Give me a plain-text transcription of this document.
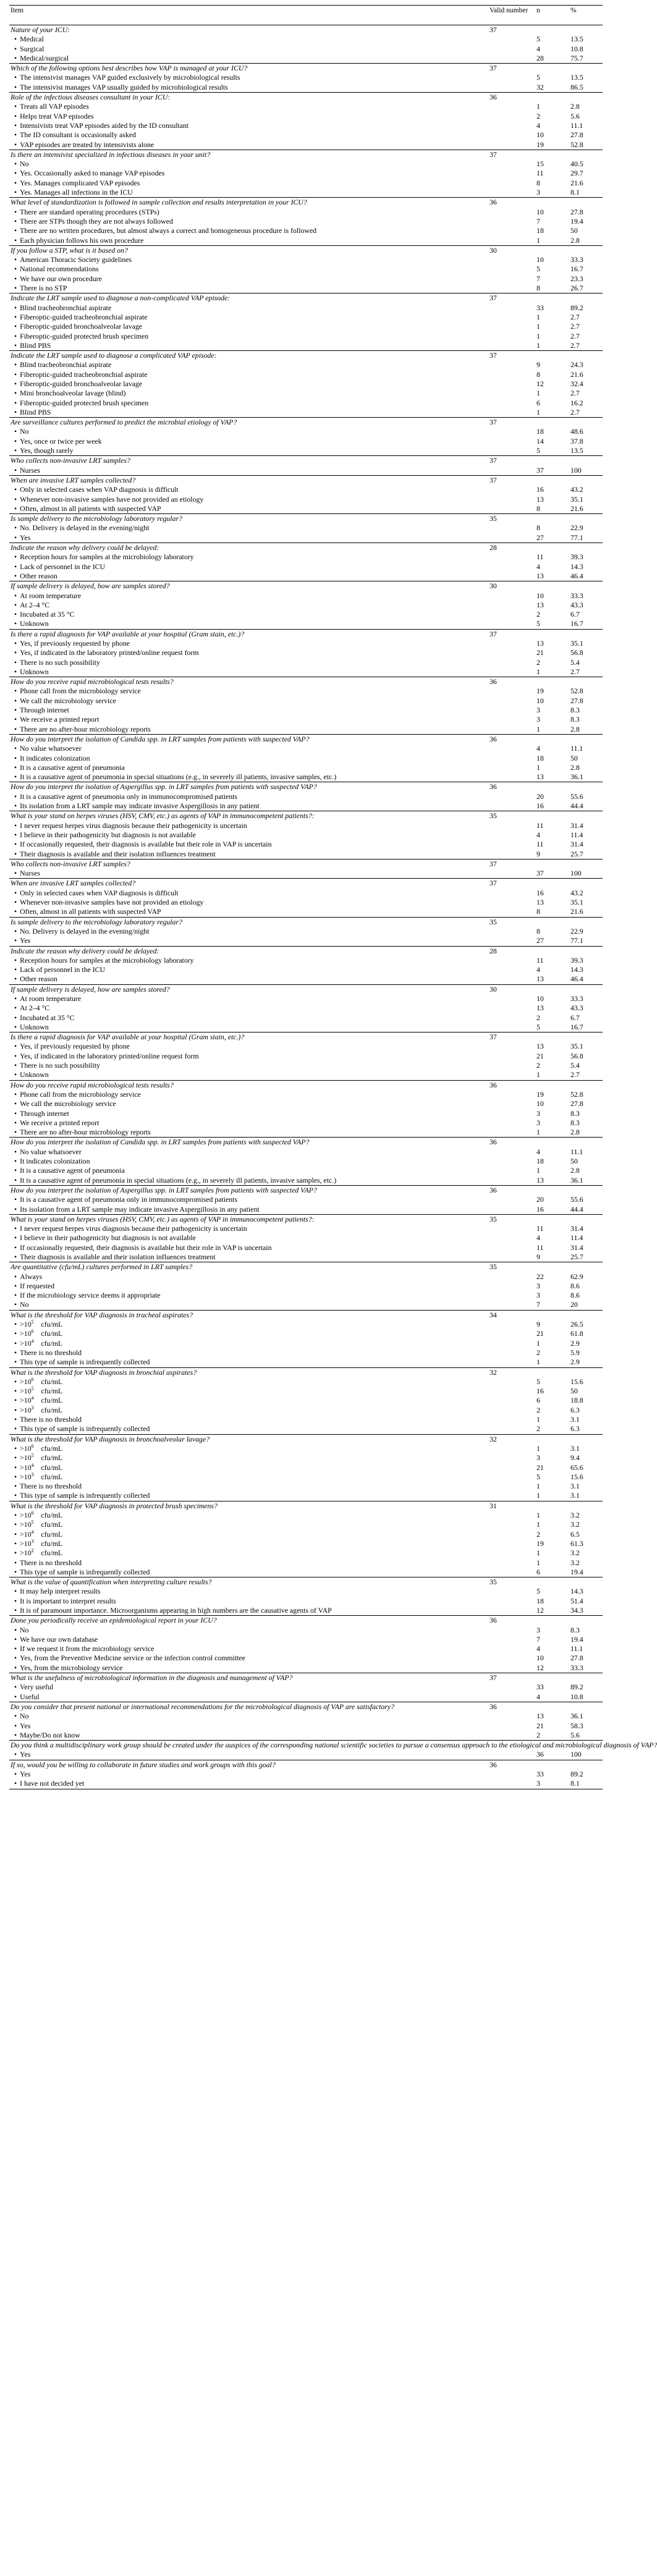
Item	Valid number	n	%
Nature of your ICU:	37		
• Medical		5	13.5
• Surgical		4	10.8
• Medical/surgical		28	75.7
Which of the following options best describes how VAP is managed at your ICU?	37		
• The intensivist manages VAP guided exclusively by microbiological results		5	13.5
• The intensivist manages VAP usually guided by microbiological results		32	86.5
Role of the infectious diseases consultant in your ICU:	36		
• Treats all VAP episodes		1	2.8
• Helps treat VAP episodes		2	5.6
• Intensivists treat VAP episodes aided by the ID consultant		4	11.1
• The ID consultant is occasionally asked		10	27.8
• VAP episodes are treated by intensivists alone		19	52.8
Is there an intensivist specialized in infectious diseases in your unit?	37		
• No		15	40.5
• Yes. Occasionally asked to manage VAP episodes		11	29.7
• Yes. Manages complicated VAP episodes		8	21.6
• Yes. Manages all infections in the ICU		3	8.1
What level of standardization is followed in sample collection and results interpretation in your ICU?	36		
• There are standard operating procedures (STPs)		10	27.8
• There are STPs though they are not always followed		7	19.4
• There are no written procedures, but almost always a correct and homogeneous procedure is followed		18	50
• Each physician follows his own procedure		1	2.8
If you follow a STP, what is it based on?	30		
• American Thoracic Society guidelines		10	33.3
• National recommendations		5	16.7
• We have our own procedure		7	23.3
• There is no STP		8	26.7
Indicate the LRT sample used to diagnose a non-complicated VAP episode:	37		
• Blind tracheobronchial aspirate		33	89.2
• Fiberoptic-guided tracheobronchial aspirate		1	2.7
• Fiberoptic-guided bronchoalveolar lavage		1	2.7
• Fiberoptic-guided protected brush specimen		1	2.7
• Blind PBS		1	2.7
Indicate the LRT sample used to diagnose a complicated VAP episode:	37		
• Blind tracheobronchial aspirate		9	24.3
• Fiberoptic-guided tracheobronchial aspirate		8	21.6
• Fiberoptic-guided bronchoalveolar lavage		12	32.4
• Mini bronchoalveolar lavage (blind)		1	2.7
• Fiberoptic-guided protected brush specimen		6	16.2
• Blind PBS		1	2.7
Are surveillance cultures performed to predict the microbial etiology of VAP?	37		
• No		18	48.6
• Yes, once or twice per week		14	37.8
• Yes, though rarely		5	13.5
Who collects non-invasive LRT samples?	37		
• Nurses		37	100
When are invasive LRT samples collected?	37		
• Only in selected cases when VAP diagnosis is difficult		16	43.2
• Whenever non-invasive samples have not provided an etiology		13	35.1
• Often, almost in all patients with suspected VAP		8	21.6
Is sample delivery to the microbiology laboratory regular?	35		
• No. Delivery is delayed in the evening/night		8	22.9
• Yes		27	77.1
Indicate the reason why delivery could be delayed:	28		
• Reception hours for samples at the microbiology laboratory		11	39.3
• Lack of personnel in the ICU		4	14.3
• Other reason		13	46.4
If sample delivery is delayed, how are samples stored?	30		
• At room temperature		10	33.3
• At 2–4 °C		13	43.3
• Incubated at 35 °C		2	6.7
• Unknown		5	16.7
Is there a rapid diagnosis for VAP available at your hospital (Gram stain, etc.)?	37		
• Yes, if previously requested by phone		13	35.1
• Yes, if indicated in the laboratory printed/online request form		21	56.8
• There is no such possibility		2	5.4
• Unknown		1	2.7
How do you receive rapid microbiological tests results?	36		
• Phone call from the microbiology service		19	52.8
• We call the microbiology service		10	27.8
• Through internet		3	8.3
• We receive a printed report		3	8.3
• There are no after-hour microbiology reports		1	2.8
How do you interpret the isolation of Candida spp. in LRT samples from patients with suspected VAP?	36		
• No value whatsoever		4	11.1
• It indicates colonization		18	50
• It is a causative agent of pneumonia		1	2.8
• It is a causative agent of pneumonia in special situations (e.g., in severely ill patients, invasive samples, etc.)		13	36.1
How do you interpret the isolation of Aspergillus spp. in LRT samples from patients with suspected VAP?	36		
• It is a causative agent of pneumonia only in immunocompromised patients		20	55.6
• Its isolation from a LRT sample may indicate invasive Aspergillosis in any patient		16	44.4
What is your stand on herpes viruses (HSV, CMV, etc.) as agents of VAP in immunocompetent patients?:	35		
• I never request herpes virus diagnosis because their pathogenicity is uncertain		11	31.4
• I believe in their pathogenicity but diagnosis is not available		4	11.4
• If occasionally requested, their diagnosis is available but their role in VAP is uncertain		11	31.4
• Their diagnosis is available and their isolation influences treatment		9	25.7
Who collects non-invasive LRT samples?	37		
• Nurses		37	100
When are invasive LRT samples collected?	37		
• Only in selected cases when VAP diagnosis is difficult		16	43.2
• Whenever non-invasive samples have not provided an etiology		13	35.1
• Often, almost in all patients with suspected VAP		8	21.6
Is sample delivery to the microbiology laboratory regular?	35		
• No. Delivery is delayed in the evening/night		8	22.9
• Yes		27	77.1
Indicate the reason why delivery could be delayed:	28		
• Reception hours for samples at the microbiology laboratory		11	39.3
• Lack of personnel in the ICU		4	14.3
• Other reason		13	46.4
If sample delivery is delayed, how are samples stored?	30		
• At room temperature		10	33.3
• At 2–4 °C		13	43.3
• Incubated at 35 °C		2	6.7
• Unknown		5	16.7
Is there a rapid diagnosis for VAP available at your hospital (Gram stain, etc.)?	37		
• Yes, if previously requested by phone		13	35.1
• Yes, if indicated in the laboratory printed/online request form		21	56.8
• There is no such possibility		2	5.4
• Unknown		1	2.7
How do you receive rapid microbiological tests results?	36		
• Phone call from the microbiology service		19	52.8
• We call the microbiology service		10	27.8
• Through internet		3	8.3
• We receive a printed report		3	8.3
• There are no after-hour microbiology reports		1	2.8
How do you interpret the isolation of Candida spp. in LRT samples from patients with suspected VAP?	36		
• No value whatsoever		4	11.1
• It indicates colonization		18	50
• It is a causative agent of pneumonia		1	2.8
• It is a causative agent of pneumonia in special situations (e.g., in severely ill patients, invasive samples, etc.)		13	36.1
How do you interpret the isolation of Aspergillus spp. in LRT samples from patients with suspected VAP?	36		
• It is a causative agent of pneumonia only in immunocompromised patients		20	55.6
• Its isolation from a LRT sample may indicate invasive Aspergillosis in any patient		16	44.4
What is your stand on herpes viruses (HSV, CMV, etc.) as agents of VAP in immunocompetent patients?:	35		
• I never request herpes virus diagnosis because their pathogenicity is uncertain		11	31.4
• I believe in their pathogenicity but diagnosis is not available		4	11.4
• If occasionally requested, their diagnosis is available but their role in VAP is uncertain		11	31.4
• Their diagnosis is available and their isolation influences treatment		9	25.7
Are quantitative (cfu/mL) cultures performed in LRT samples?	35		
• Always		22	62.9
• If requested		3	8.6
• If the microbiology service deems it appropriate		3	8.6
• No		7	20
What is the threshold for VAP diagnosis in tracheal aspirates?	34		
• $>10^5$    cfu/mL		9	26.5
• $>10^6$    cfu/mL		21	61.8
• $>10^4$    cfu/mL		1	2.9
• There is no threshold		2	5.9
• This type of sample is infrequently collected		1	2.9
What is the threshold for VAP diagnosis in bronchial aspirates?	32		
• $>10^6$    cfu/mL		5	15.6
• $>10^5$    cfu/mL		16	50
• $>10^4$    cfu/mL		6	18.8
• $>10^3$    cfu/mL		2	6.3
• There is no threshold		1	3.1
• This type of sample is infrequently collected		2	6.3
What is the threshold for VAP diagnosis in bronchoalveolar lavage?	32		
• $>10^6$    cfu/mL		1	3.1
• $>10^5$    cfu/mL		3	9.4
• $>10^4$    cfu/mL		21	65.6
• $>10^3$    cfu/mL		5	15.6
• There is no threshold		1	3.1
• This type of sample is infrequently collected		1	3.1
What is the threshold for VAP diagnosis in protected brush specimens?	31		
• $>10^6$    cfu/mL		1	3.2
• $>10^5$    cfu/mL		1	3.2
• $>10^4$    cfu/mL		2	6.5
• $>10^3$    cfu/mL		19	61.3
• $>10^2$    cfu/mL		1	3.2
• There is no threshold		1	3.2
• This type of sample is infrequently collected		6	19.4
What is the value of quantification when interpreting culture results?	35		
• It may help interpret results		5	14.3
• It is important to interpret results		18	51.4
• It is of paramount importance. Microorganisms appearing in high numbers are the causative agents of VAP		12	34.3
Done you periodically receive an epidemiological report in your ICU?	36		
• No		3	8.3
• We have our own database		7	19.4
• If we request it from the microbiology service		4	11.1
• Yes, from the Preventive Medicine service or the infection control committee		10	27.8
• Yes, from the microbiology service		12	33.3
What is the usefulness of microbiological information in the diagnosis and management of VAP?	37		
• Very useful		33	89.2
• Useful		4	10.8
Do you consider that present national or international recommendations for the microbiological diagnosis of VAP are satisfactory?	36		
• No		13	36.1
• Yes		21	58.3
• Maybe/Do not know		2	5.6
Do you think a multidisciplinary work group should be created under the auspices of the corresponding national scientific societies to pursue a consensus approach to the etiological and microbiological diagnosis of VAP?			
• Yes		36	100
If so, would you be willing to collaborate in future studies and work groups with this goal?	36		
• Yes		33	89.2
• I have not decided yet		3	8.1
